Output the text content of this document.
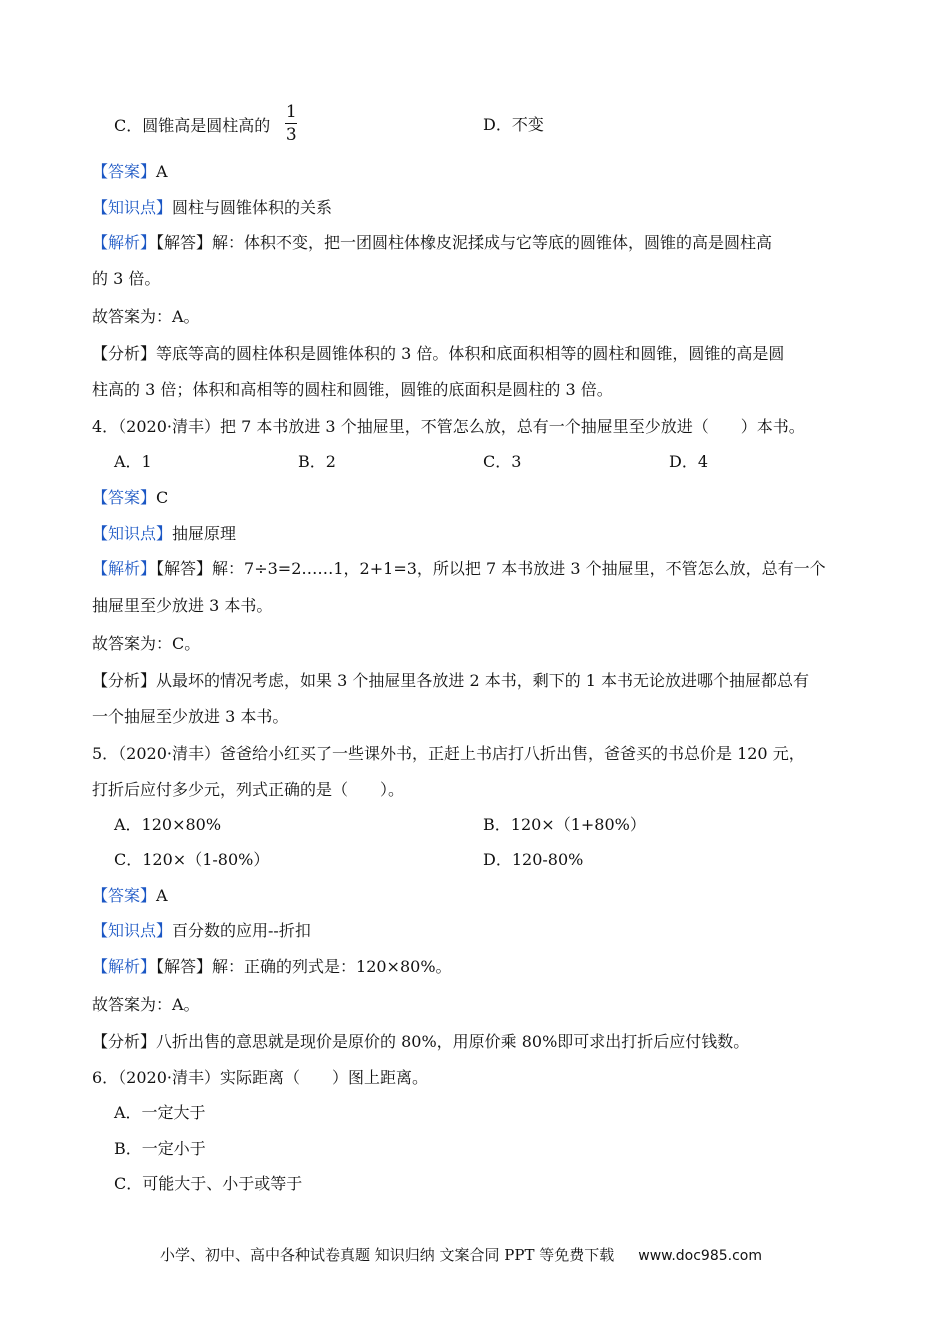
C．圆锥高是圆柱高的 $\frac{1}{3}$	D．不变
【答案】A
【知识点】圆柱与圆锥体积的关系
【解析】【解答】解：体积不变，把一团圆柱体橡皮泥揉成与它等底的圆锥体，圆锥的高是圆柱高
的 3 倍。
故答案为：A。
【分析】等底等高的圆柱体积是圆锥体积的 3 倍。体积和底面积相等的圆柱和圆锥，圆锥的高是圆
柱高的 3 倍；体积和高相等的圆柱和圆锥，圆锥的底面积是圆柱的 3 倍。
4．（2020·清丰）把 7 本书放进 3 个抽屉里，不管怎么放，总有一个抽屉里至少放进（　　）本书。
A．1	B．2	C．3	D．4
【答案】C
【知识点】抽屉原理
【解析】【解答】解：7÷3=2……1，2+1=3，所以把 7 本书放进 3 个抽屉里，不管怎么放，总有一个
抽屉里至少放进 3 本书。
故答案为：C。
【分析】从最坏的情况考虑，如果 3 个抽屉里各放进 2 本书，剩下的 1 本书无论放进哪个抽屉都总有
一个抽屉至少放进 3 本书。
5．（2020·清丰）爸爸给小红买了一些课外书，正赶上书店打八折出售，爸爸买的书总价是 120 元，
打折后应付多少元，列式正确的是（　　）。
A．120×80%	B．120×（1+80%）
C．120×（1-80%）	D．120-80%
【答案】A
【知识点】百分数的应用--折扣
【解析】【解答】解：正确的列式是：120×80%。
故答案为：A。
【分析】八折出售的意思就是现价是原价的 80%，用原价乘 80%即可求出打折后应付钱数。
6．（2020·清丰）实际距离（　　）图上距离。
A．一定大于
B．一定小于
C．可能大于、小于或等于
小学、初中、高中各种试卷真题 知识归纳 文案合同 PPT 等免费下载 www.doc985.com
